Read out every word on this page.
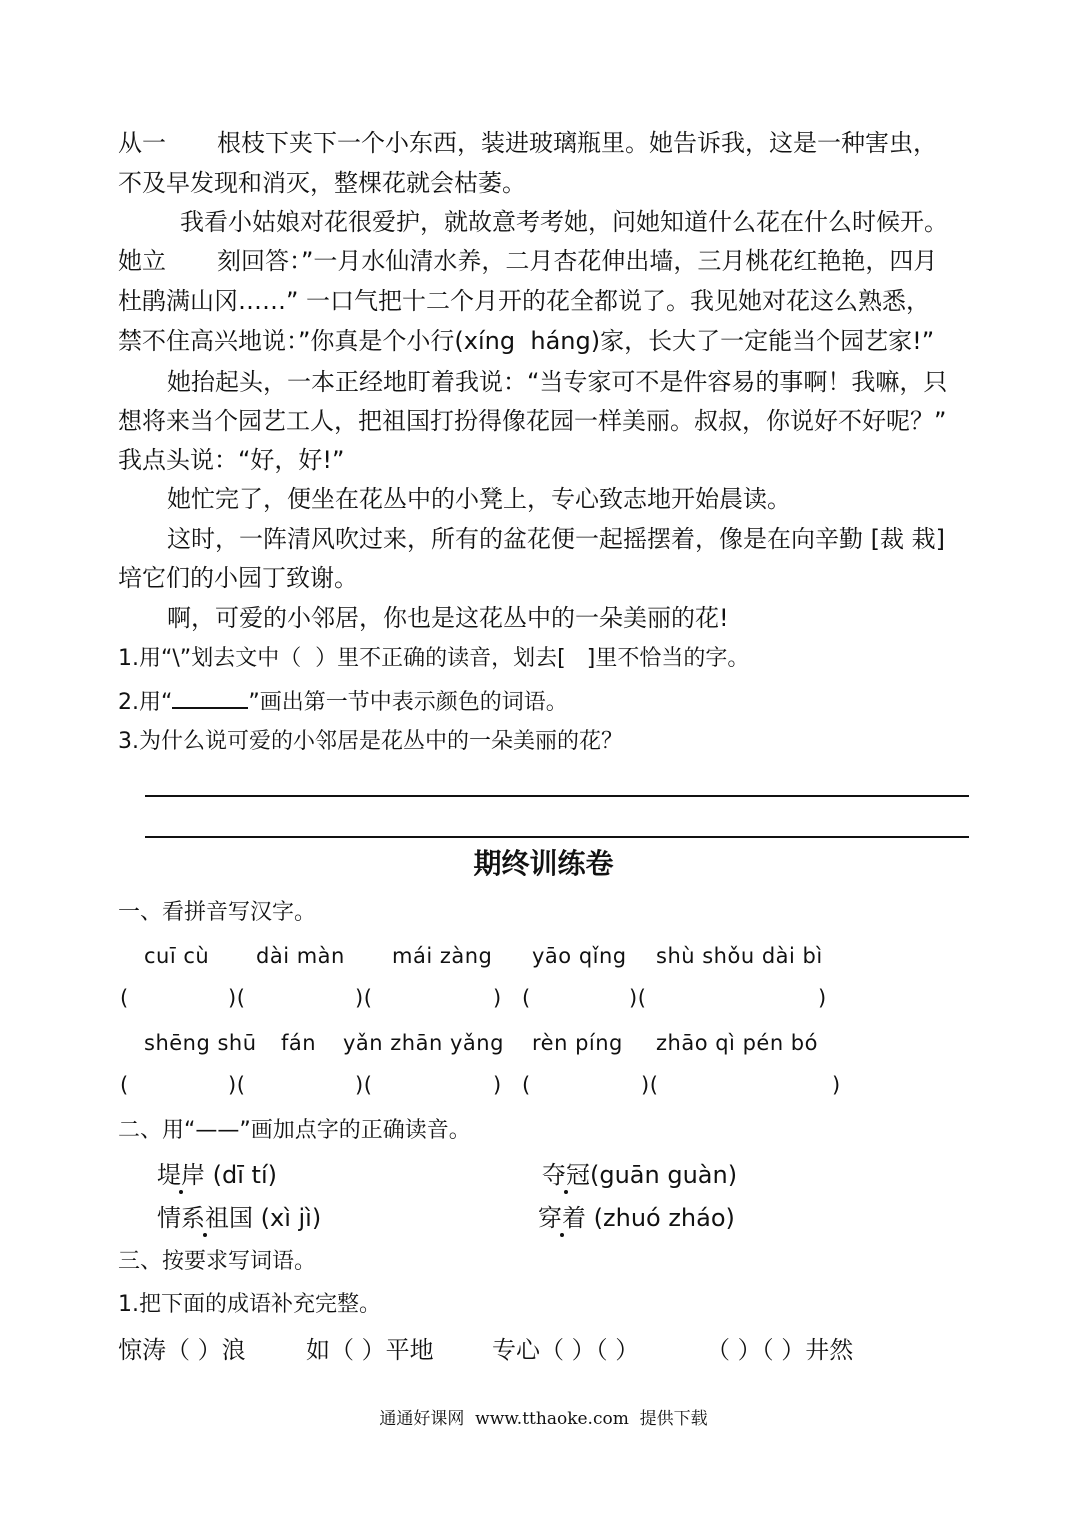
从一 根枝下夹下一个小东西，装进玻璃瓶里。她告诉我，这是一种害虫，
不及早发现和消灭，整棵花就会枯萎。
我看小姑娘对花很爱护，就故意考考她，问她知道什么花在什么时候开。
她立 刻回答：”一月水仙清水养，二月杏花伸出墙，三月桃花红艳艳，四月
杜鹃满山冈……” 一口气把十二个月开的花全都说了。我见她对花这么熟悉，
禁不住高兴地说：”你真是个小行(xíng  háng)家，长大了一定能当个园艺家!”
她抬起头，一本正经地盯着我说：“当专家可不是件容易的事啊！我嘛，只
想将来当个园艺工人，把祖国打扮得像花园一样美丽。叔叔，你说好不好呢？”
我点头说：“好，好!”
她忙完了，便坐在花丛中的小凳上，专心致志地开始晨读。
这时，一阵清风吹过来，所有的盆花便一起摇摆着，像是在向辛勤 [裁 栽]
培它们的小园丁致谢。
啊，可爱的小邻居，你也是这花丛中的一朵美丽的花!
1.用“\”划去文中（  ）里不正确的读音，划去[   ]里不恰当的字。
2.用“	”画出第一节中表示颜色的词语。
3.为什么说可爱的小邻居是花丛中的一朵美丽的花？
期终训练卷
一、看拼音写汉字。
cuī cù dài màn mái zàng yāo qǐng shù shǒu dài bì
(	)(	)(	) (	)(	)
shēng shū fán yǎn zhān yǎng rèn píng zhāo qì pén bó
(	)(	)(	) (	)(	)
二、用“——”画加点字的正确读音。
堤岸 (dī tí)	夺冠(guān guàn)
情系祖国 (xì jì)	穿着 (zhuó zháo)
三、按要求写词语。
1.把下面的成语补充完整。
惊涛（ ）浪	如（ ）平地 专心（ ）（ ）	（ ）（ ）井然
通通好课网  www.tthaoke.com  提供下载
